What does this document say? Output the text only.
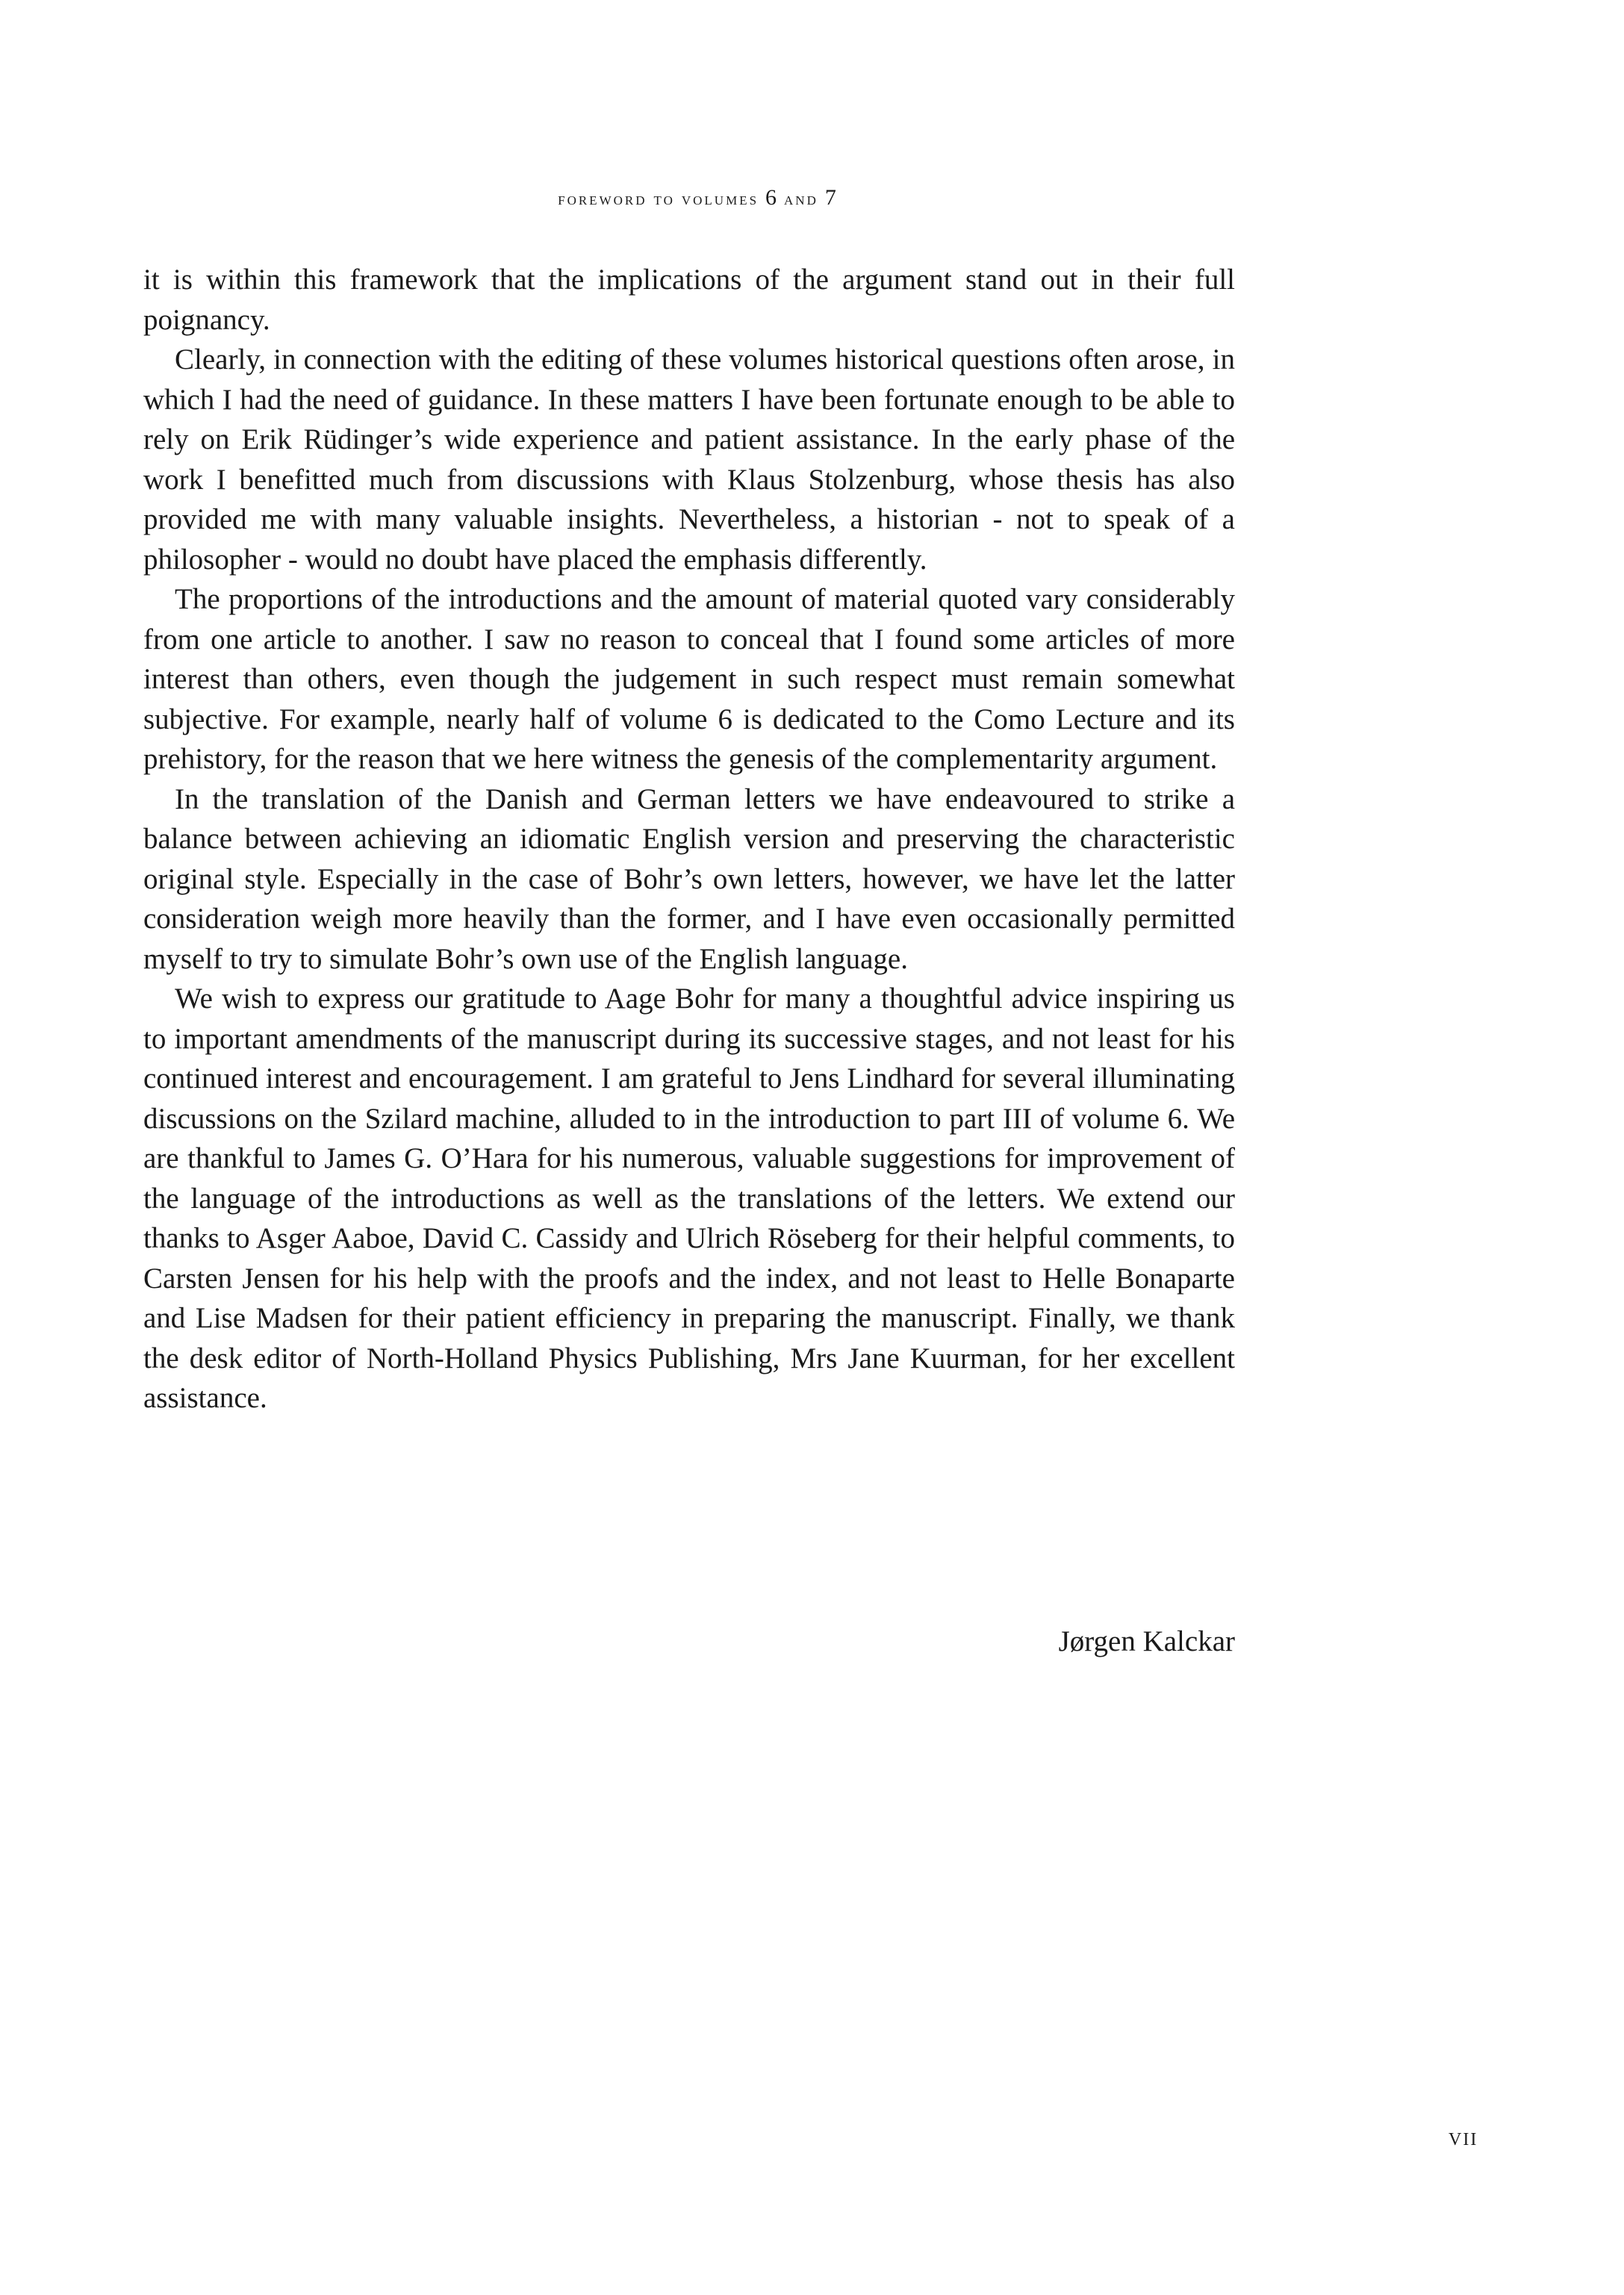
foreword to volumes 6 and 7

it is within this framework that the implications of the argument stand out in their full poignancy.

Clearly, in connection with the editing of these volumes historical questions often arose, in which I had the need of guidance. In these matters I have been fortunate enough to be able to rely on Erik Rüdinger’s wide experience and patient assistance. In the early phase of the work I benefitted much from discussions with Klaus Stolzenburg, whose thesis has also provided me with many valuable insights. Nevertheless, a historian - not to speak of a philosopher - would no doubt have placed the emphasis differently.

The proportions of the introductions and the amount of material quoted vary considerably from one article to another. I saw no reason to conceal that I found some articles of more interest than others, even though the judgement in such respect must remain somewhat subjective. For example, nearly half of volume 6 is dedicated to the Como Lecture and its prehistory, for the reason that we here witness the genesis of the complementarity argument.

In the translation of the Danish and German letters we have endeavoured to strike a balance between achieving an idiomatic English version and preserving the characteristic original style. Especially in the case of Bohr’s own letters, however, we have let the latter consideration weigh more heavily than the former, and I have even occasionally permitted myself to try to simulate Bohr’s own use of the English language.

We wish to express our gratitude to Aage Bohr for many a thoughtful advice inspiring us to important amendments of the manuscript during its successive stages, and not least for his continued interest and encouragement. I am grateful to Jens Lindhard for several illuminating discussions on the Szilard machine, alluded to in the introduction to part III of volume 6. We are thankful to James G. O’Hara for his numerous, valuable suggestions for improvement of the language of the introductions as well as the translations of the letters. We extend our thanks to Asger Aaboe, David C. Cassidy and Ulrich Röseberg for their helpful comments, to Carsten Jensen for his help with the proofs and the index, and not least to Helle Bonaparte and Lise Madsen for their patient efficiency in preparing the manuscript. Finally, we thank the desk editor of North-Holland Physics Publishing, Mrs Jane Kuurman, for her excellent assistance.

Jørgen Kalckar
VII
